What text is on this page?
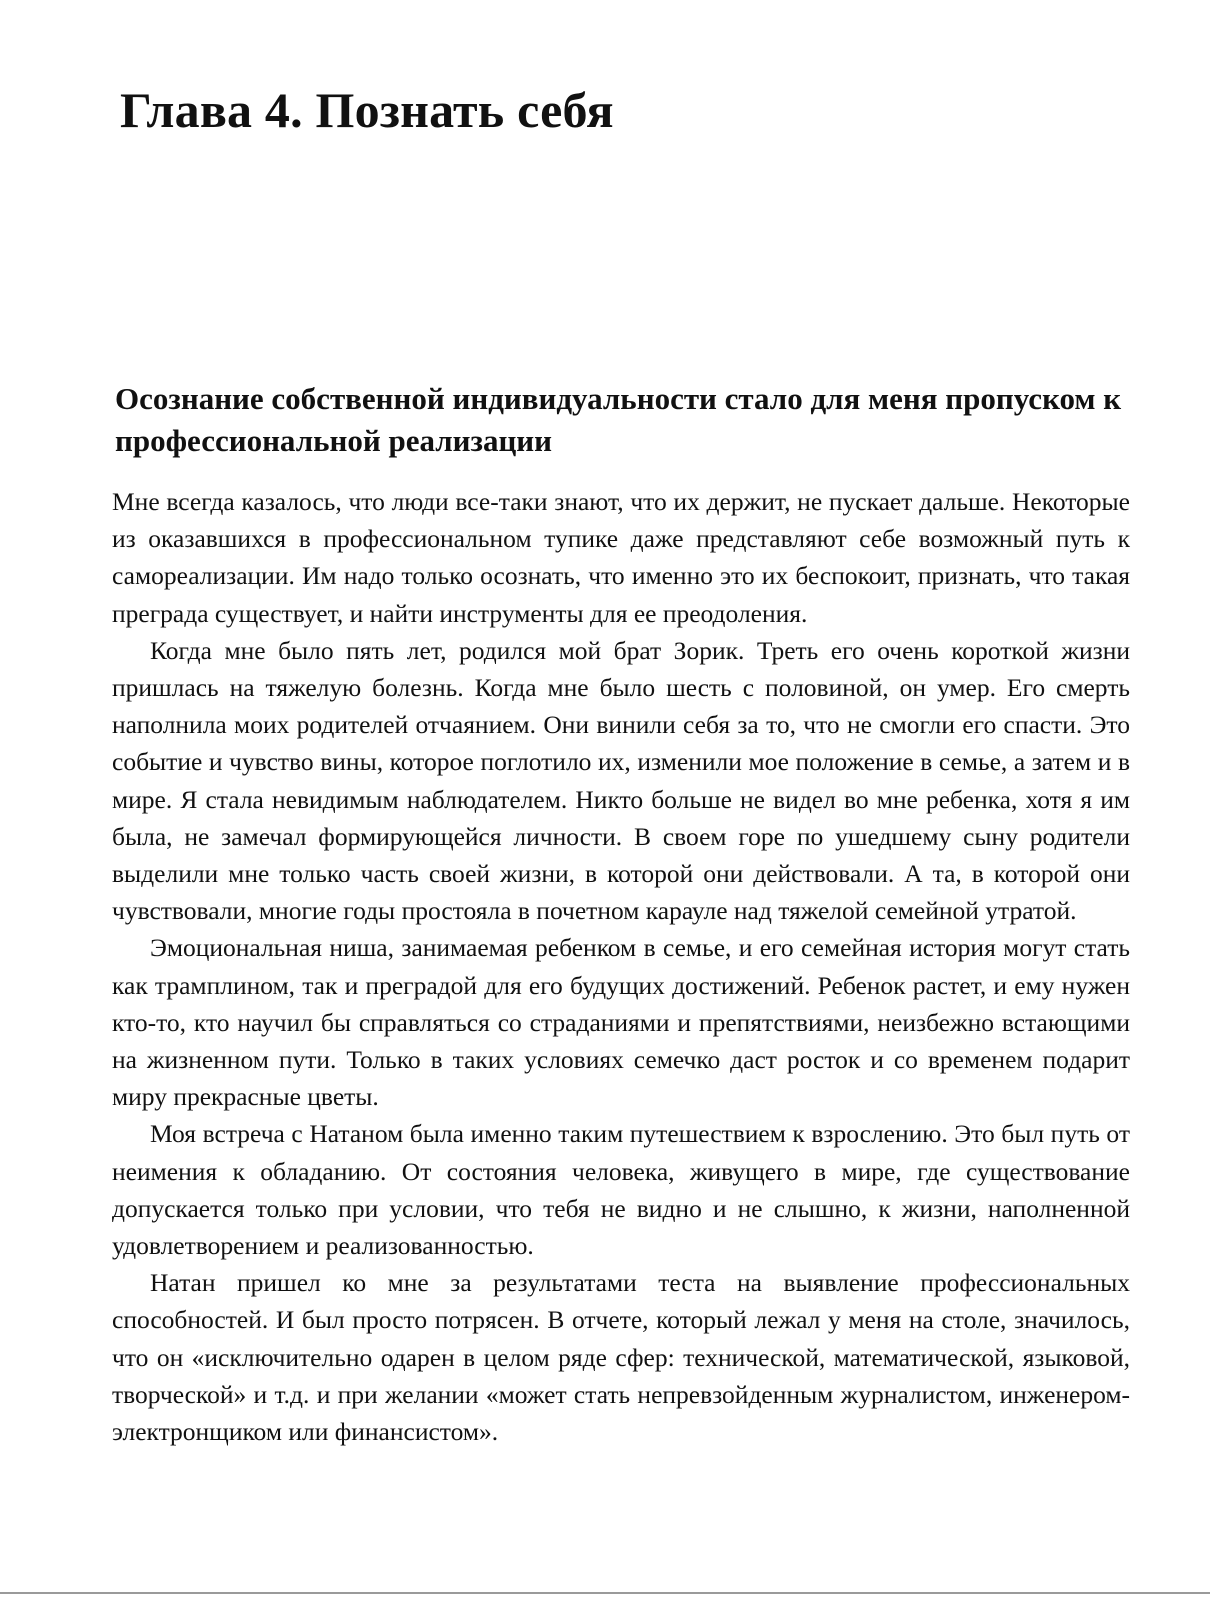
Глава 4. Познать себя
Осознание собственной индивидуальности стало для меня пропуском к профессиональной реализации

Мне всегда казалось, что люди все-таки знают, что их держит, не пускает дальше. Некоторые из оказавшихся в профессиональном тупике даже представляют себе возможный путь к самореализации. Им надо только осознать, что именно это их беспокоит, признать, что такая преграда существует, и найти инструменты для ее преодоления.

Когда мне было пять лет, родился мой брат Зорик. Треть его очень короткой жизни пришлась на тяжелую болезнь. Когда мне было шесть с половиной, он умер. Его смерть наполнила моих родителей отчаянием. Они винили себя за то, что не смогли его спасти. Это событие и чувство вины, которое поглотило их, изменили мое положение в семье, а затем и в мире. Я стала невидимым наблюдателем. Никто больше не видел во мне ребенка, хотя я им была, не замечал формирующейся личности. В своем горе по ушедшему сыну родители выделили мне только часть своей жизни, в которой они действовали. А та, в которой они чувствовали, многие годы простояла в почетном карауле над тяжелой семейной утратой.

Эмоциональная ниша, занимаемая ребенком в семье, и его семейная история могут стать как трамплином, так и преградой для его будущих достижений. Ребенок растет, и ему нужен кто-то, кто научил бы справляться со страданиями и препятствиями, неизбежно встающими на жизненном пути. Только в таких условиях семечко даст росток и со временем подарит миру прекрасные цветы.

Моя встреча с Натаном была именно таким путешествием к взрослению. Это был путь от неимения к обладанию. От состояния человека, живущего в мире, где существование допускается только при условии, что тебя не видно и не слышно, к жизни, наполненной удовлетворением и реализованностью.

Натан пришел ко мне за результатами теста на выявление профессиональных способностей. И был просто потрясен. В отчете, который лежал у меня на столе, значилось, что он «исключительно одарен в целом ряде сфер: технической, математической, языковой, творческой» и т.д. и при желании «может стать непревзойденным журналистом, инженером-электронщиком или финансистом».
